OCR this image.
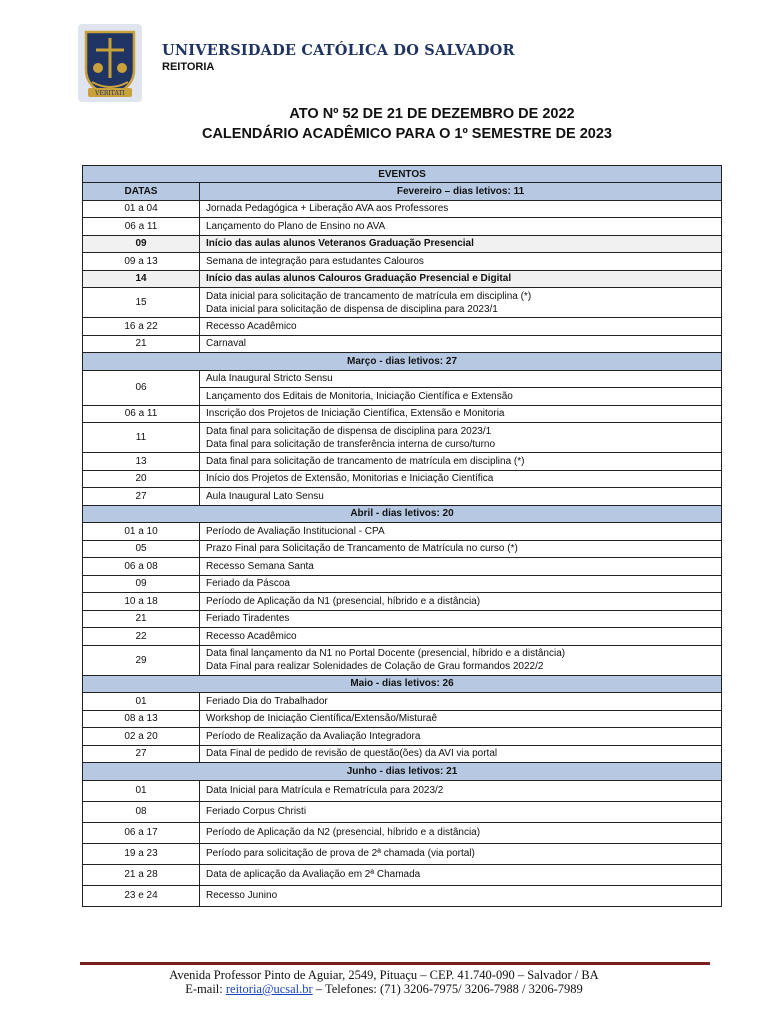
VERITATI
UNIVERSIDADE CATÓLICA DO SALVADOR
REITORIA
ATO Nº 52 DE 21 DE DEZEMBRO DE 2022
CALENDÁRIO ACADÊMICO PARA O 1º SEMESTRE DE 2023
EVENTOS	
DATAS	Fevereiro – dias letivos: 11
01 a 04	Jornada Pedagógica + Liberação AVA aos Professores

06 a 11	Lançamento do Plano de Ensino no AVA

09	Início das aulas alunos Veteranos Graduação Presencial

09 a 13	Semana de integração para estudantes Calouros

14	Início das aulas alunos Calouros Graduação Presencial e Digital

15	Data inicial para solicitação de trancamento de matrícula em disciplina (*)
Data inicial para solicitação de dispensa de disciplina para 2023/1

16 a 22	Recesso Acadêmico

21	Carnaval

Março - dias letivos: 27	
06	Aula Inaugural Stricto Sensu

	Lançamento dos Editais de Monitoria, Iniciação Científica e Extensão

06 a 11	Inscrição dos Projetos de Iniciação Científica, Extensão e Monitoria

11	Data final para solicitação de dispensa de disciplina para 2023/1
Data final para solicitação de transferência interna de curso/turno

13	Data final para solicitação de trancamento de matrícula em disciplina (*)

20	Início dos Projetos de Extensão, Monitorias e Iniciação Científica

27	Aula Inaugural Lato Sensu

Abril - dias letivos: 20	
01 a 10	Período de Avaliação Institucional - CPA

05	Prazo Final para Solicitação de Trancamento de Matrícula no curso (*)

06 a 08	Recesso Semana Santa

09	Feriado da Páscoa

10 a 18	Período de Aplicação da N1 (presencial, híbrido e a distância)

21	Feriado Tiradentes

22	Recesso Acadêmico

29	Data final lançamento da N1 no Portal Docente (presencial, híbrido e a distância)
Data Final para realizar Solenidades de Colação de Grau formandos 2022/2

Maio - dias letivos: 26	
01	Feriado Dia do Trabalhador

08 a 13	Workshop de Iniciação Científica/Extensão/Misturaê

02 a 20	Período de Realização da Avaliação Integradora

27	Data Final de pedido de revisão de questão(ões) da AVI via portal

Junho - dias letivos: 21	
01	Data Inicial para Matrícula e Rematrícula para 2023/2

08	Feriado Corpus Christi

06 a 17	Período de Aplicação da N2 (presencial, híbrido e a distância)

19 a 23	Período para solicitação de prova de 2ª chamada (via portal)

21 a 28	Data de aplicação da Avaliação em 2ª Chamada

23 e 24	Recesso Junino
Avenida Professor Pinto de Aguiar, 2549, Pituaçu – CEP. 41.740-090 – Salvador / BA
E-mail: reitoria@ucsal.br – Telefones: (71) 3206-7975/ 3206-7988 / 3206-7989
